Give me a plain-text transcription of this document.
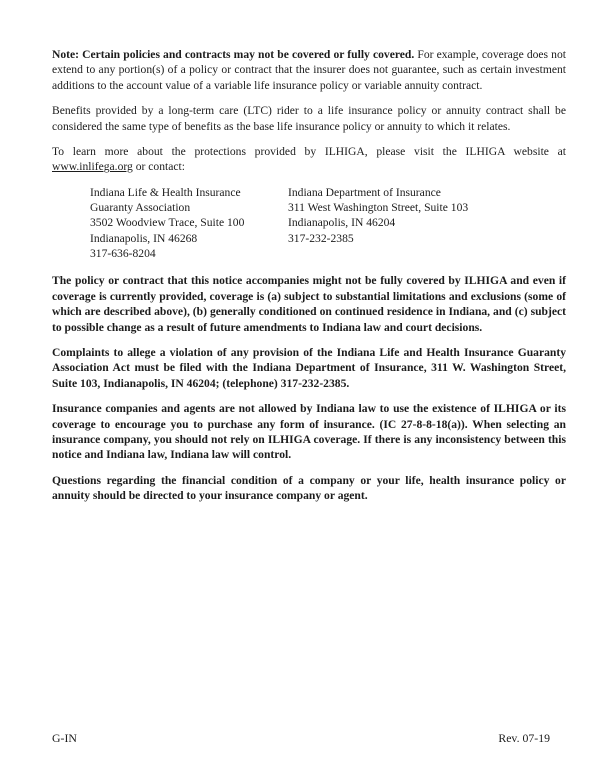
Note: Certain policies and contracts may not be covered or fully covered. For example, coverage does not extend to any portion(s) of a policy or contract that the insurer does not guarantee, such as certain investment additions to the account value of a variable life insurance policy or variable annuity contract.

Benefits provided by a long-term care (LTC) rider to a life insurance policy or annuity contract shall be considered the same type of benefits as the base life insurance policy or annuity to which it relates.

To learn more about the protections provided by ILHIGA, please visit the ILHIGA website at www.inlifega.org or contact:

Indiana Life & Health Insurance
Guaranty Association
3502 Woodview Trace, Suite 100
Indianapolis, IN 46268
317-636-8204
Indiana Department of Insurance
311 West Washington Street, Suite 103
Indianapolis, IN 46204
317-232-2385

The policy or contract that this notice accompanies might not be fully covered by ILHIGA and even if coverage is currently provided, coverage is (a) subject to substantial limitations and exclusions (some of which are described above), (b) generally conditioned on continued residence in Indiana, and (c) subject to possible change as a result of future amendments to Indiana law and court decisions.

Complaints to allege a violation of any provision of the Indiana Life and Health Insurance Guaranty Association Act must be filed with the Indiana Department of Insurance, 311 W. Washington Street, Suite 103, Indianapolis, IN 46204; (telephone) 317-232-2385.

Insurance companies and agents are not allowed by Indiana law to use the existence of ILHIGA or its coverage to encourage you to purchase any form of insurance. (IC 27-8-8-18(a)). When selecting an insurance company, you should not rely on ILHIGA coverage. If there is any inconsistency between this notice and Indiana law, Indiana law will control.

Questions regarding the financial condition of a company or your life, health insurance policy or annuity should be directed to your insurance company or agent.

G-IN	Rev. 07-19
